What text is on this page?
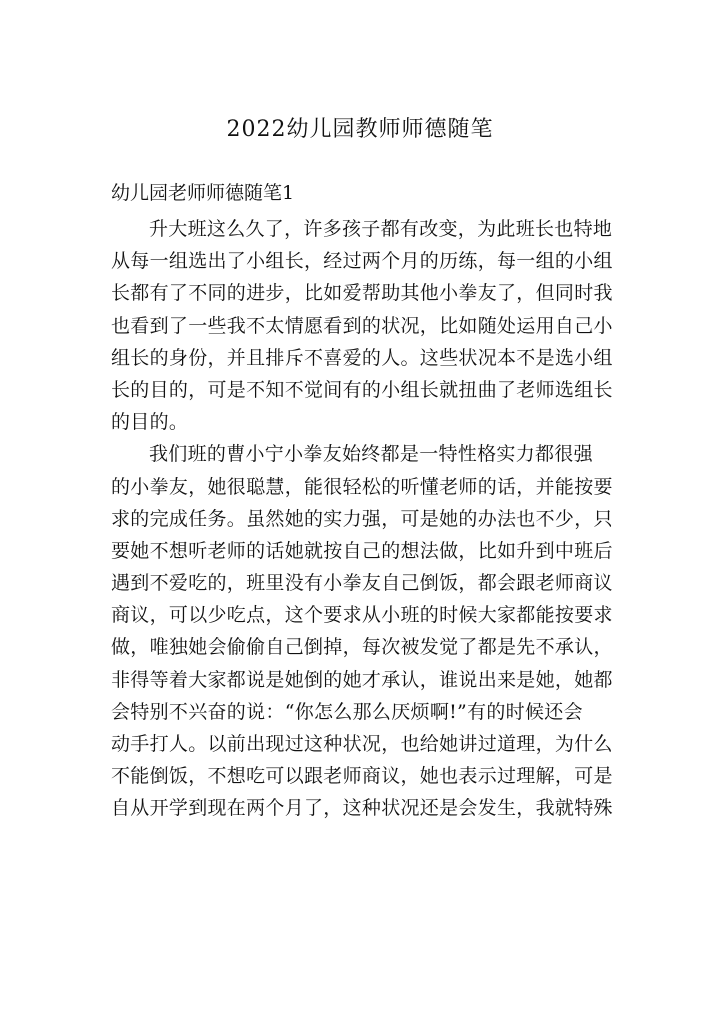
2022幼儿园教师师德随笔

幼儿园老师师德随笔1

升大班这么久了，许多孩子都有改变，为此班长也特地

从每一组选出了小组长，经过两个月的历练，每一组的小组

长都有了不同的进步，比如爱帮助其他小拳友了，但同时我

也看到了一些我不太情愿看到的状况，比如随处运用自己小

组长的身份，并且排斥不喜爱的人。这些状况本不是选小组

长的目的，可是不知不觉间有的小组长就扭曲了老师选组长

的目的。

我们班的曹小宁小拳友始终都是一特性格实力都很强

的小拳友，她很聪慧，能很轻松的听懂老师的话，并能按要

求的完成任务。虽然她的实力强，可是她的办法也不少，只

要她不想听老师的话她就按自己的想法做，比如升到中班后

遇到不爱吃的，班里没有小拳友自己倒饭，都会跟老师商议

商议，可以少吃点，这个要求从小班的时候大家都能按要求

做，唯独她会偷偷自己倒掉，每次被发觉了都是先不承认，

非得等着大家都说是她倒的她才承认，谁说出来是她，她都

会特别不兴奋的说：“你怎么那么厌烦啊!”有的时候还会

动手打人。以前出现过这种状况，也给她讲过道理，为什么

不能倒饭，不想吃可以跟老师商议，她也表示过理解，可是

自从开学到现在两个月了，这种状况还是会发生，我就特殊
